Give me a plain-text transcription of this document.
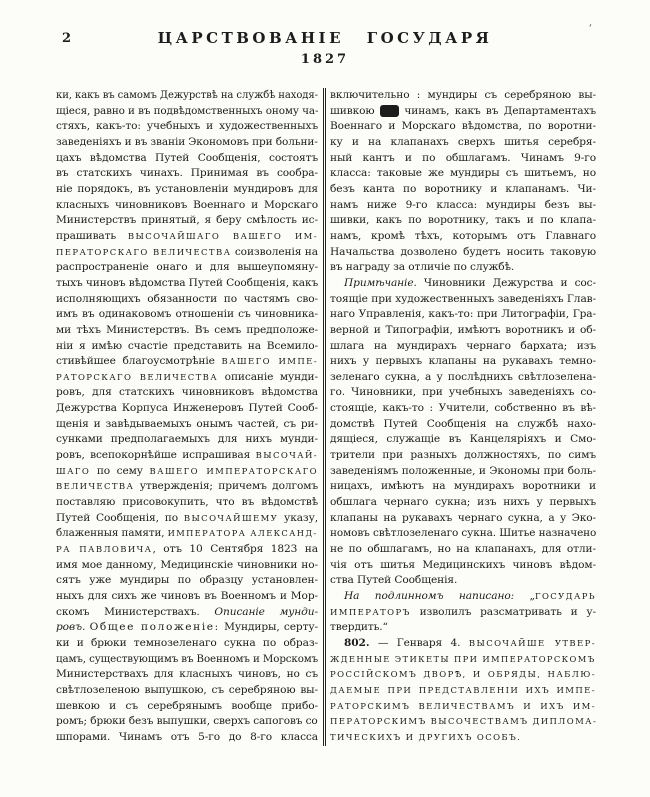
2	ЦАРСТВОВАНІЕ ГОСУДАРЯ
1827
ʹ
ки, какъ въ самомъ Дежурствѣ на службѣ находя-
щіеся, равно и въ подвѣдомственныхъ оному ча-
стяхъ, какъ-то: учебныхъ и художественныхъ
заведеніяхъ и въ званіи Экономовъ при больни-
цахъ вѣдомства Путей Сообщенія, состоятъ
въ статскихъ чинахъ. Принимая въ сообра-
ніе порядокъ, въ установленіи мундировъ для
класныхъ чиновниковъ Военнаго и Морскаго
Министерствъ принятый, я беру смѣлость ис-
прашивать ВЫСОЧАЙШАГО ВАШЕГО ИМ-
ПЕРАТОРСКАГО ВЕЛИЧЕСТВА соизволенія на
распространеніе онаго и для вышеупомяну-
тыхъ чиновъ вѣдомства Путей Сообщенія, какъ
исполняющихъ обязанности по частямъ сво-
имъ въ одинаковомъ отношеніи съ чиновника-
ми тѣхъ Министерствъ. Въ семъ предположе-
ніи я имѣю счастіе представить на Всемило-
стивѣйшее благоусмотрѣніе ВАШЕГО ИМПЕ-
РАТОРСКАГО ВЕЛИЧЕСТВА описаніе мунди-
ровъ, для статскихъ чиновниковъ вѣдомства
Дежурства Корпуса Инженеровъ Путей Сооб-
щенія и завѣдываемыхъ онымъ частей, съ ри-
сунками предполагаемыхъ для нихъ мунди-
ровъ, всепокорнѣйше испрашивая ВЫСОЧАЙ-
ШАГО по сему ВАШЕГО ИМПЕРАТОРСКАГО
ВЕЛИЧЕСТВА утвержденія; причемъ долгомъ
поставляю присовокупить, что въ вѣдомствѣ
Путей Сообщенія, по ВЫСОЧАЙШЕМУ указу,
блаженныя памяти, ИМПЕРАТОРА АЛЕКСАНД-
РА ПАВЛОВИЧА, отъ 10 Сентября 1823 на
имя мое данному, Медицинскіе чиновники но-
сятъ уже мундиры по образцу установлен-
ныхъ для сихъ же чиновъ въ Военномъ и Мор-
скомъ Министерствахъ. Описаніе мунди-
ровъ. Общее положеніе: Мундиры, серту-
ки и брюки темнозеленаго сукна по образ-
цамъ, существующимъ въ Военномъ и Морскомъ
Министерствахъ для класныхъ чиновъ, но съ
свѣтлозеленою выпушкою, съ серебряною вы-
шевкою и съ серебрянымъ вообще прибо-
ромъ; брюки безъ выпушки, сверхъ сапоговъ со
шпорами. Чинамъ отъ 5-го до 8-го класса
включительно : мундиры съ серебряною вы-
шивкою по чинамъ, какъ въ Департаментахъ
Военнаго и Морскаго вѣдомства, по воротни-
ку и на клапанахъ сверхъ шитья серебря-
ный кантъ и по обшлагамъ. Чинамъ 9-го
класса: таковые же мундиры съ шитьемъ, но
безъ канта по воротнику и клапанамъ. Чи-
намъ ниже 9-го класса: мундиры безъ вы-
шивки, какъ по воротнику, такъ и по клапа-
намъ, кромѣ тѣхъ, которымъ отъ Главнаго
Начальства дозволено будетъ носить таковую
въ награду за отличіе по службѣ.
Примѣчаніе. Чиновники Дежурства и сос-
тоящіе при художественныхъ заведеніяхъ Глав-
наго Управленія, какъ-то: при Литографіи, Гра-
верной и Типографіи, имѣютъ воротникъ и об-
шлага на мундирахъ чернаго бархата; изъ
нихъ у первыхъ клапаны на рукавахъ темно-
зеленаго сукна, а у послѣднихъ свѣтлозелена-
го. Чиновники, при учебныхъ заведеніяхъ со-
стоящіе, какъ-то : Учители, собственно въ вѣ-
домствѣ Путей Сообщенія на службѣ нахо-
дящіеся, служащіе въ Канцеляріяхъ и Смо-
трители при разныхъ должностяхъ, по симъ
заведеніямъ положенные, и Экономы при боль-
ницахъ, имѣютъ на мундирахъ воротники и
обшлага чернаго сукна; изъ нихъ у первыхъ
клапаны на рукавахъ чернаго сукна, а у Эко-
номовъ свѣтлозеленаго сукна. Шитье назначено
не по обшлагамъ, но на клапанахъ, для отли-
чія отъ шитья Медицинскихъ чиновъ вѣдом-
ства Путей Сообщенія.
На подлинномъ написано: „ГОСУДАРЬ
ИМПЕРАТОРЪ изволилъ разсматривать и у-
твердить.“
802. — Генваря 4. ВЫСОЧАЙШЕ УТВЕР-
ЖДЕННЫЕ ЭТИКЕТЫ ПРИ ИМПЕРАТОРСКОМЪ
РОССІЙСКОМЪ ДВОРѢ, И ОБРЯДЫ, НАБЛЮ-
ДАЕМЫЕ ПРИ ПРЕДСТАВЛЕНІИ ИХЪ ИМПЕ-
РАТОРСКИМЪ ВЕЛИЧЕСТВАМЪ И ИХЪ ИМ-
ПЕРАТОРСКИМЪ ВЫСОЧЕСТВАМЪ ДИПЛОМА-
ТИЧЕСКИХЪ И ДРУГИХЪ ОСОБЪ.
